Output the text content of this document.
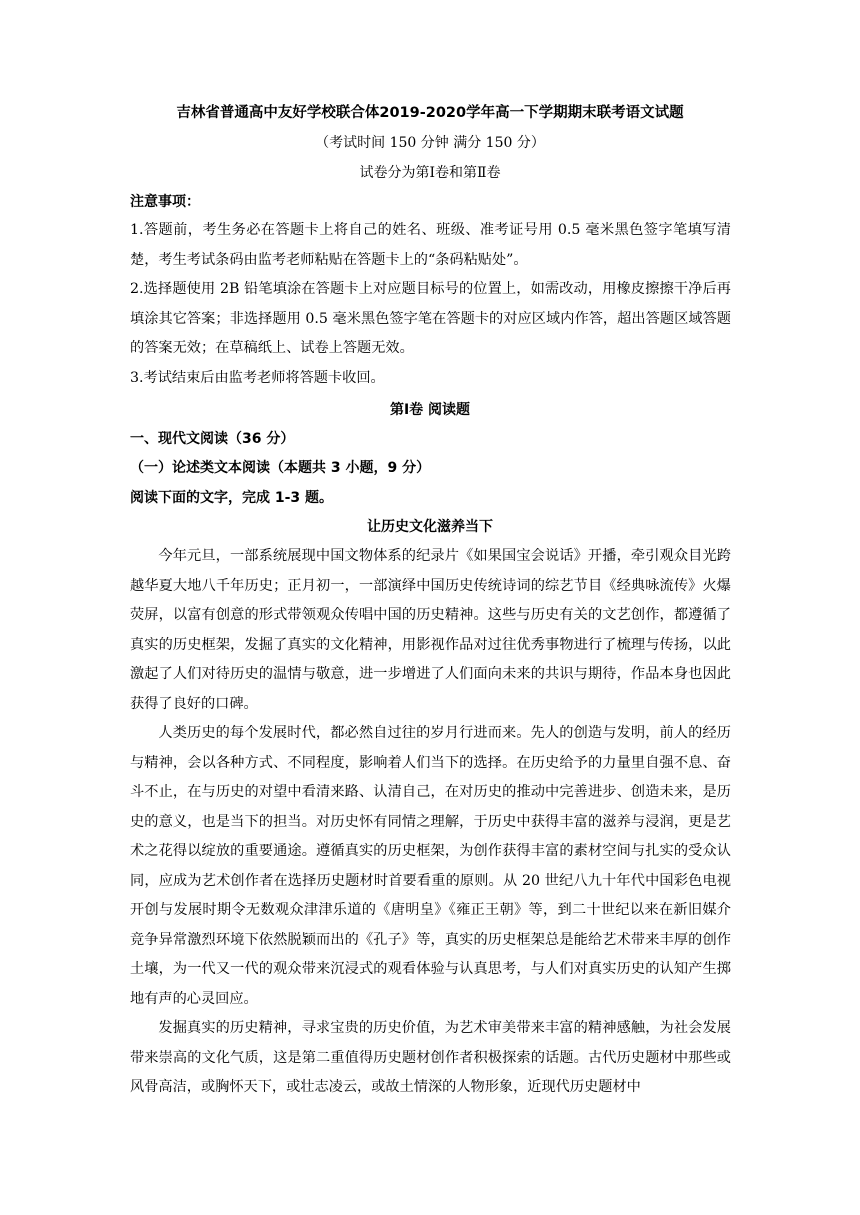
吉林省普通高中友好学校联合体2019-2020学年高一下学期期末联考语文试题
（考试时间 150 分钟 满分 150 分）
试卷分为第Ⅰ卷和第Ⅱ卷
注意事项：

1.答题前，考生务必在答题卡上将自己的姓名、班级、准考证号用 0.5 毫米黑色签字笔填写清楚，考生考试条码由监考老师粘贴在答题卡上的“条码粘贴处”。

2.选择题使用 2B 铅笔填涂在答题卡上对应题目标号的位置上，如需改动，用橡皮擦擦干净后再填涂其它答案；非选择题用 0.5 毫米黑色签字笔在答题卡的对应区域内作答，超出答题区域答题的答案无效；在草稿纸上、试卷上答题无效。

3.考试结束后由监考老师将答题卡收回。

第Ⅰ卷 阅读题
一、现代文阅读（36 分）
（一）论述类文本阅读（本题共 3 小题，9 分）
阅读下面的文字，完成 1-3 题。
让历史文化滋养当下

今年元旦，一部系统展现中国文物体系的纪录片《如果国宝会说话》开播，牵引观众目光跨越华夏大地八千年历史；正月初一，一部演绎中国历史传统诗词的综艺节目《经典咏流传》火爆荧屏，以富有创意的形式带领观众传唱中国的历史精神。这些与历史有关的文艺创作，都遵循了真实的历史框架，发掘了真实的文化精神，用影视作品对过往优秀事物进行了梳理与传扬，以此激起了人们对待历史的温情与敬意，进一步增进了人们面向未来的共识与期待，作品本身也因此获得了良好的口碑。

人类历史的每个发展时代，都必然自过往的岁月行进而来。先人的创造与发明，前人的经历与精神，会以各种方式、不同程度，影响着人们当下的选择。在历史给予的力量里自强不息、奋斗不止，在与历史的对望中看清来路、认清自己，在对历史的推动中完善进步、创造未来，是历史的意义，也是当下的担当。对历史怀有同情之理解，于历史中获得丰富的滋养与浸润，更是艺术之花得以绽放的重要通途。遵循真实的历史框架，为创作获得丰富的素材空间与扎实的受众认同，应成为艺术创作者在选择历史题材时首要看重的原则。从 20 世纪八九十年代中国彩色电视开创与发展时期令无数观众津津乐道的《唐明皇》《雍正王朝》等，到二十世纪以来在新旧媒介竞争异常激烈环境下依然脱颖而出的《孔子》等，真实的历史框架总是能给艺术带来丰厚的创作土壤，为一代又一代的观众带来沉浸式的观看体验与认真思考，与人们对真实历史的认知产生掷地有声的心灵回应。

发掘真实的历史精神，寻求宝贵的历史价值，为艺术审美带来丰富的精神感触，为社会发展带来崇高的文化气质，这是第二重值得历史题材创作者积极探索的话题。古代历史题材中那些或风骨高洁，或胸怀天下，或壮志凌云，或故土情深的人物形象，近现代历史题材中
